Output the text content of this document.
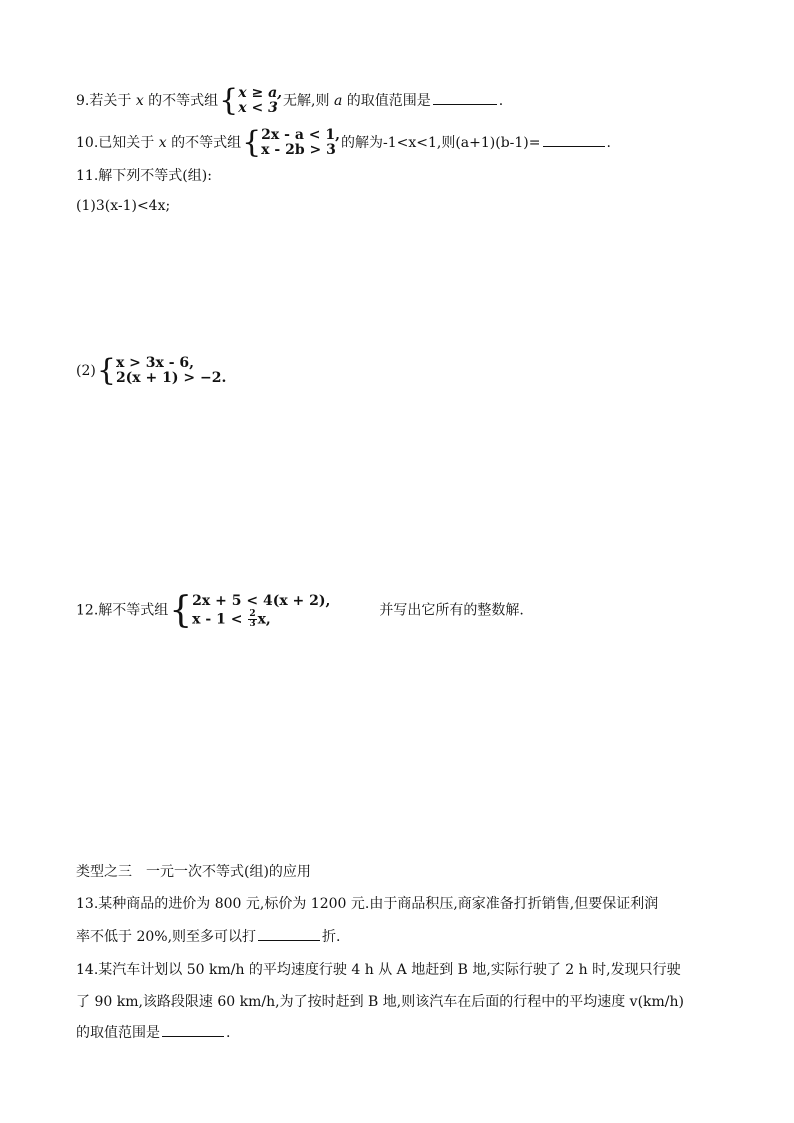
9.若关于 x 的不等式组 { x ≥ a,
x < 3 无解,则 a 的取值范围是	.
10.已知关于 x 的不等式组 { 2x - a < 1,
x - 2b > 3 的解为-1<x<1,则(a+1)(b-1)=	.
11.解下列不等式(组):
(1)3(x-1)<4x;
(2) { x > 3x - 6,
2(x + 1) > −2.
12.解不等式组 { 2x + 5 < 4(x + 2),
$x - 1 < \frac{2}{3} x$,
并写出它所有的整数解.
类型之三　一元一次不等式(组)的应用
13.某种商品的进价为 800 元,标价为 1200 元.由于商品积压,商家准备打折销售,但要保证利润
率不低于 20%,则至多可以打	折.
14.某汽车计划以 50 km/h 的平均速度行驶 4 h 从 A 地赶到 B 地,实际行驶了 2 h 时,发现只行驶
了 90 km,该路段限速 60 km/h,为了按时赶到 B 地,则该汽车在后面的行程中的平均速度 v(km/h)
的取值范围是	.
